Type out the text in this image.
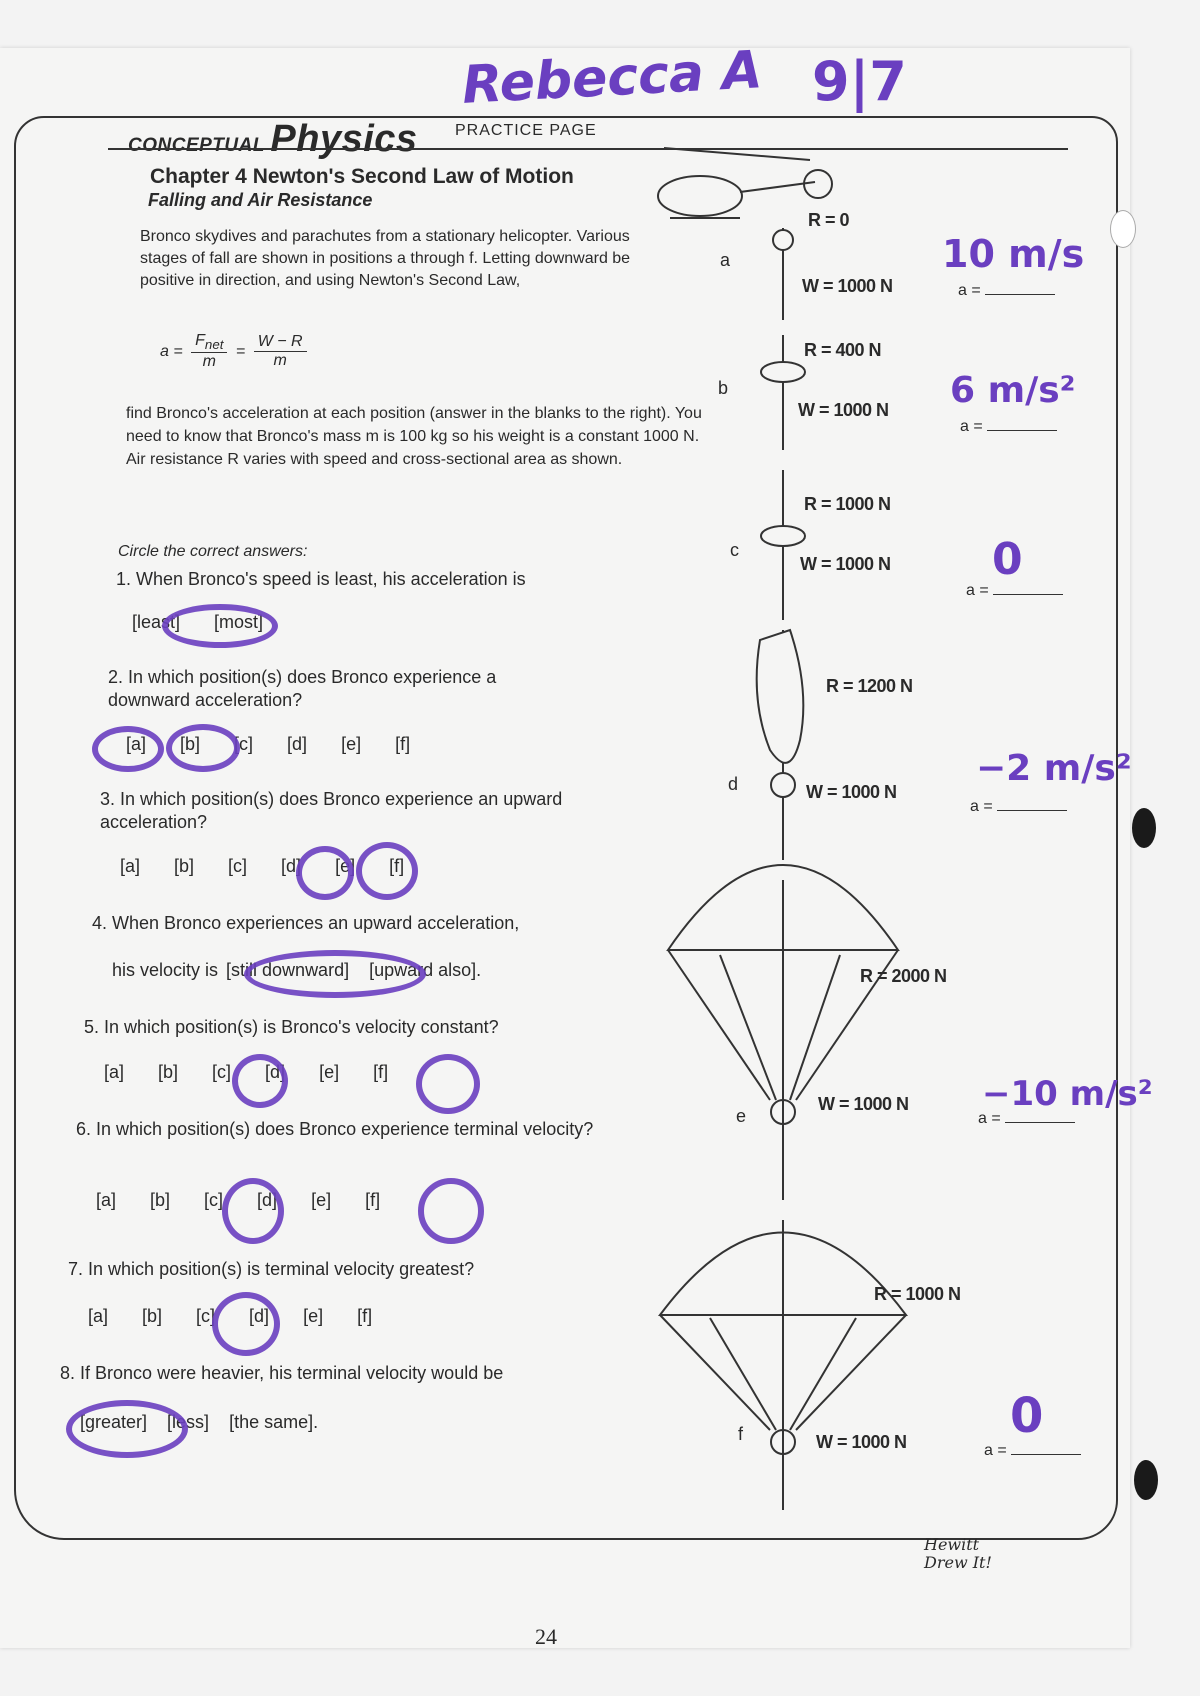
Rebecca A 9|7
CONCEPTUAL Physics PRACTICE PAGE
Chapter 4 Newton's Second Law of Motion
Falling and Air Resistance
Bronco skydives and parachutes from a stationary helicopter. Various stages of fall are shown in positions a through f. Letting downward be positive in direction, and using Newton's Second Law,
a =
$F_{net}$
m
= $\frac{W - R}{m}$
find Bronco's acceleration at each position (answer in the blanks to the right). You need to know that Bronco's mass m is 100 kg so his weight is a constant 1000 N. Air resistance R varies with speed and cross-sectional area as shown.
Circle the correct answers:
1. When Bronco's speed is least, his acceleration is
[least] [most]
2. In which position(s) does Bronco experience a downward acceleration?
[a] [b] [c] [d] [e] [f]
3. In which position(s) does Bronco experience an upward acceleration?
[a] [b] [c] [d] [e] [f]
4. When Bronco experiences an upward acceleration,
his velocity is [still downward] [upward also].
5. In which position(s) is Bronco's velocity constant?
[a] [b] [c] [d] [e] [f]
6. In which position(s) does Bronco experience terminal velocity?
[a] [b] [c] [d] [e] [f]
7. In which position(s) is terminal velocity greatest?
[a] [b] [c] [d] [e] [f]
8. If Bronco were heavier, his terminal velocity would be
[greater] [less] [the same].
a
R = 0
W = 1000 N
b
R = 400 N
W = 1000 N
c
R = 1000 N
W = 1000 N
d
R = 1200 N
W = 1000 N
e
R = 2000 N
W = 1000 N
f
R = 1000 N
W = 1000 N
a =
10 m/s
a =
6 m/s²
a =
0
a =
−2 m/s²
a =
−10 m/s²
a =
0
Hewitt Drew It!
24
